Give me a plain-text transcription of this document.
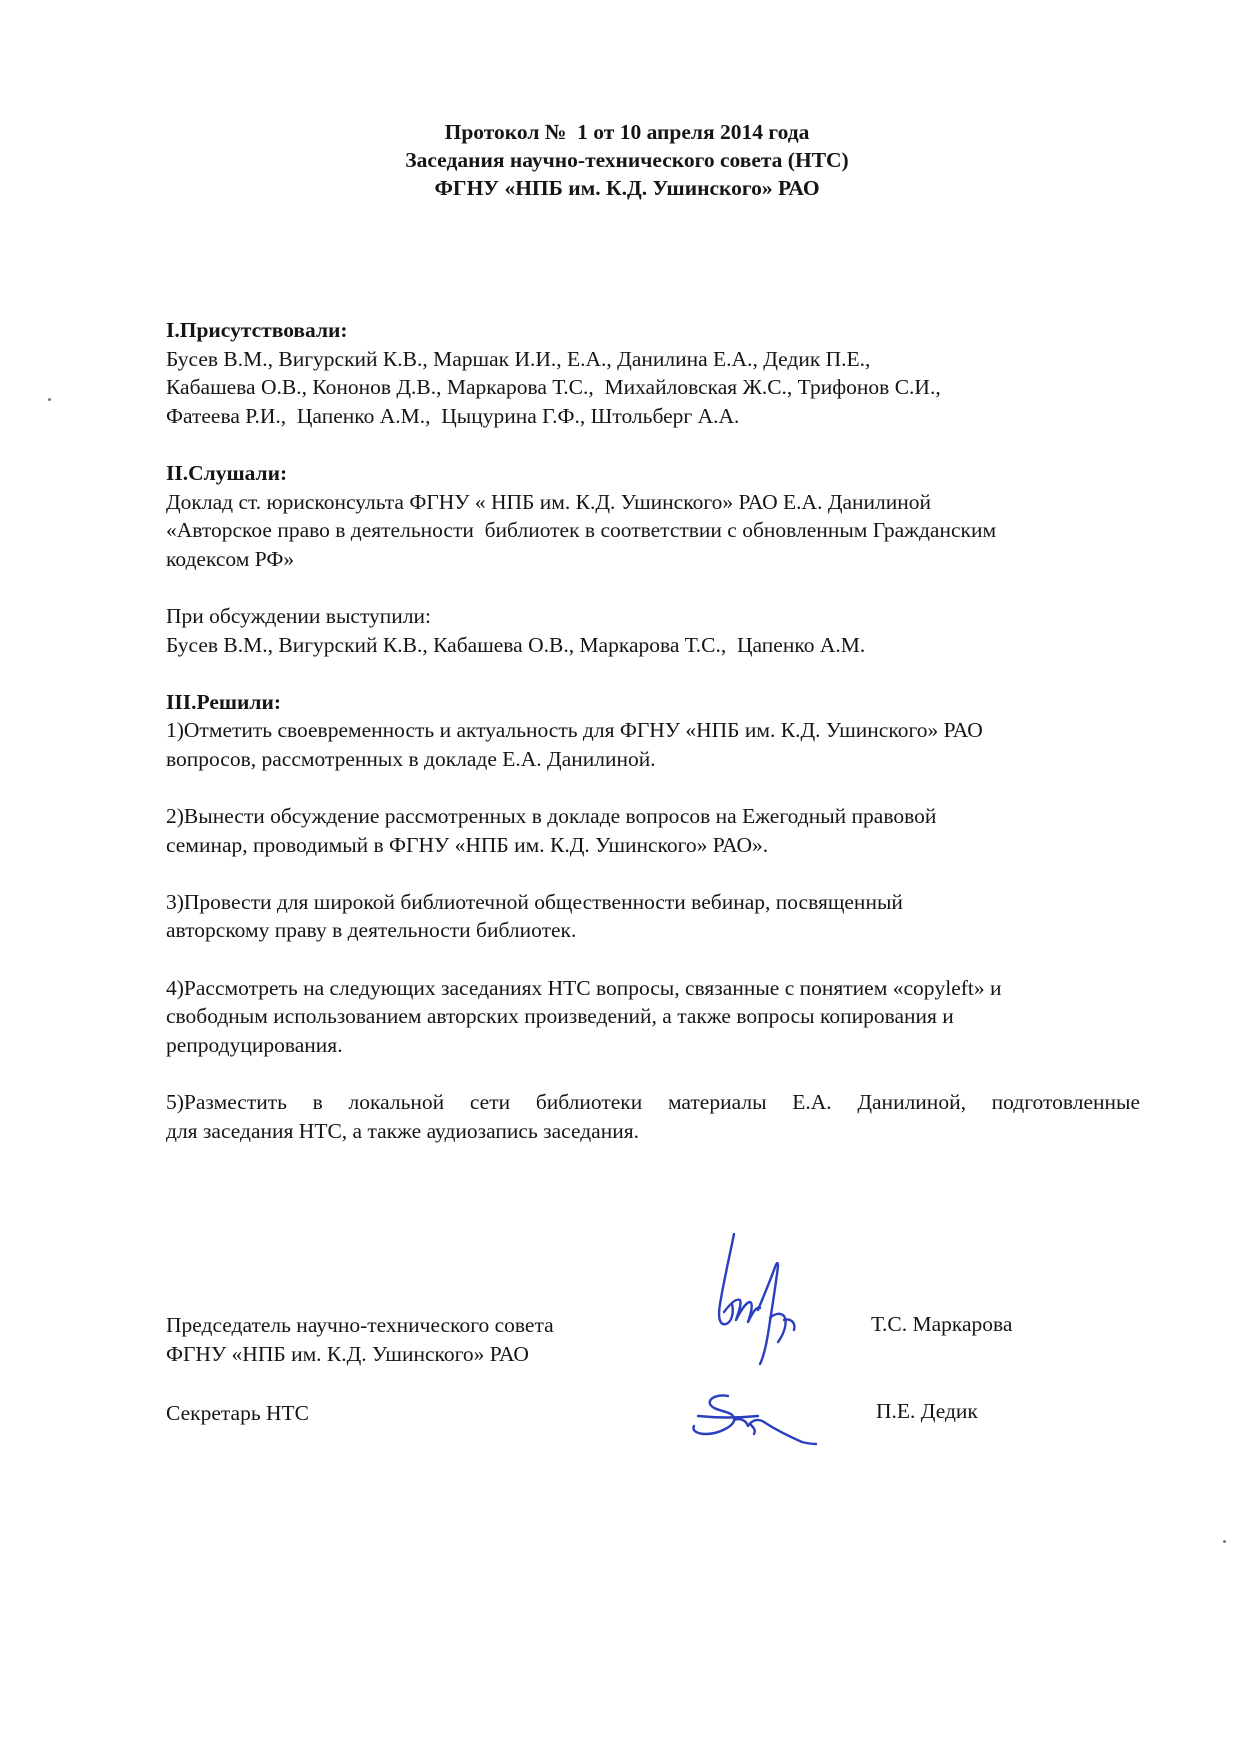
Протокол №  1 от 10 апреля 2014 года
Заседания научно-технического совета (НТС)
ФГНУ «НПБ им. К.Д. Ушинского» РАО
I.Присутствовали:
Бусев В.М., Вигурский К.В., Маршак И.И., Е.А., Данилина Е.А., Дедик П.Е.,
Кабашева О.В., Кононов Д.В., Маркарова Т.С.,  Михайловская Ж.С., Трифонов С.И.,
Фатеева Р.И.,  Цапенко А.М.,  Цыцурина Г.Ф., Штольберг А.А.
II.Слушали:
Доклад ст. юрисконсульта ФГНУ « НПБ им. К.Д. Ушинского» РАО Е.А. Данилиной
«Авторское право в деятельности  библиотек в соответствии с обновленным Гражданским
кодексом РФ»
При обсуждении выступили:
Бусев В.М., Вигурский К.В., Кабашева О.В., Маркарова Т.С.,  Цапенко А.М.
III.Решили:
1)Отметить своевременность и актуальность для ФГНУ «НПБ им. К.Д. Ушинского» РАО
вопросов, рассмотренных в докладе Е.А. Данилиной.
2)Вынести обсуждение рассмотренных в докладе вопросов на Ежегодный правовой
семинар, проводимый в ФГНУ «НПБ им. К.Д. Ушинского» РАО».
3)Провести для широкой библиотечной общественности вебинар, посвященный
авторскому праву в деятельности библиотек.
4)Рассмотреть на следующих заседаниях НТС вопросы, связанные с понятием «copyleft» и
свободным использованием авторских произведений, а также вопросы копирования и
репродуцирования.
5)Разместить в локальной сети библиотеки материалы Е.А. Данилиной, подготовленные
для заседания НТС, а также аудиозапись заседания.
Председатель научно-технического совета
ФГНУ «НПБ им. К.Д. Ушинского» РАО
Т.С. Маркарова
Секретарь НТС	П.Е. Дедик
